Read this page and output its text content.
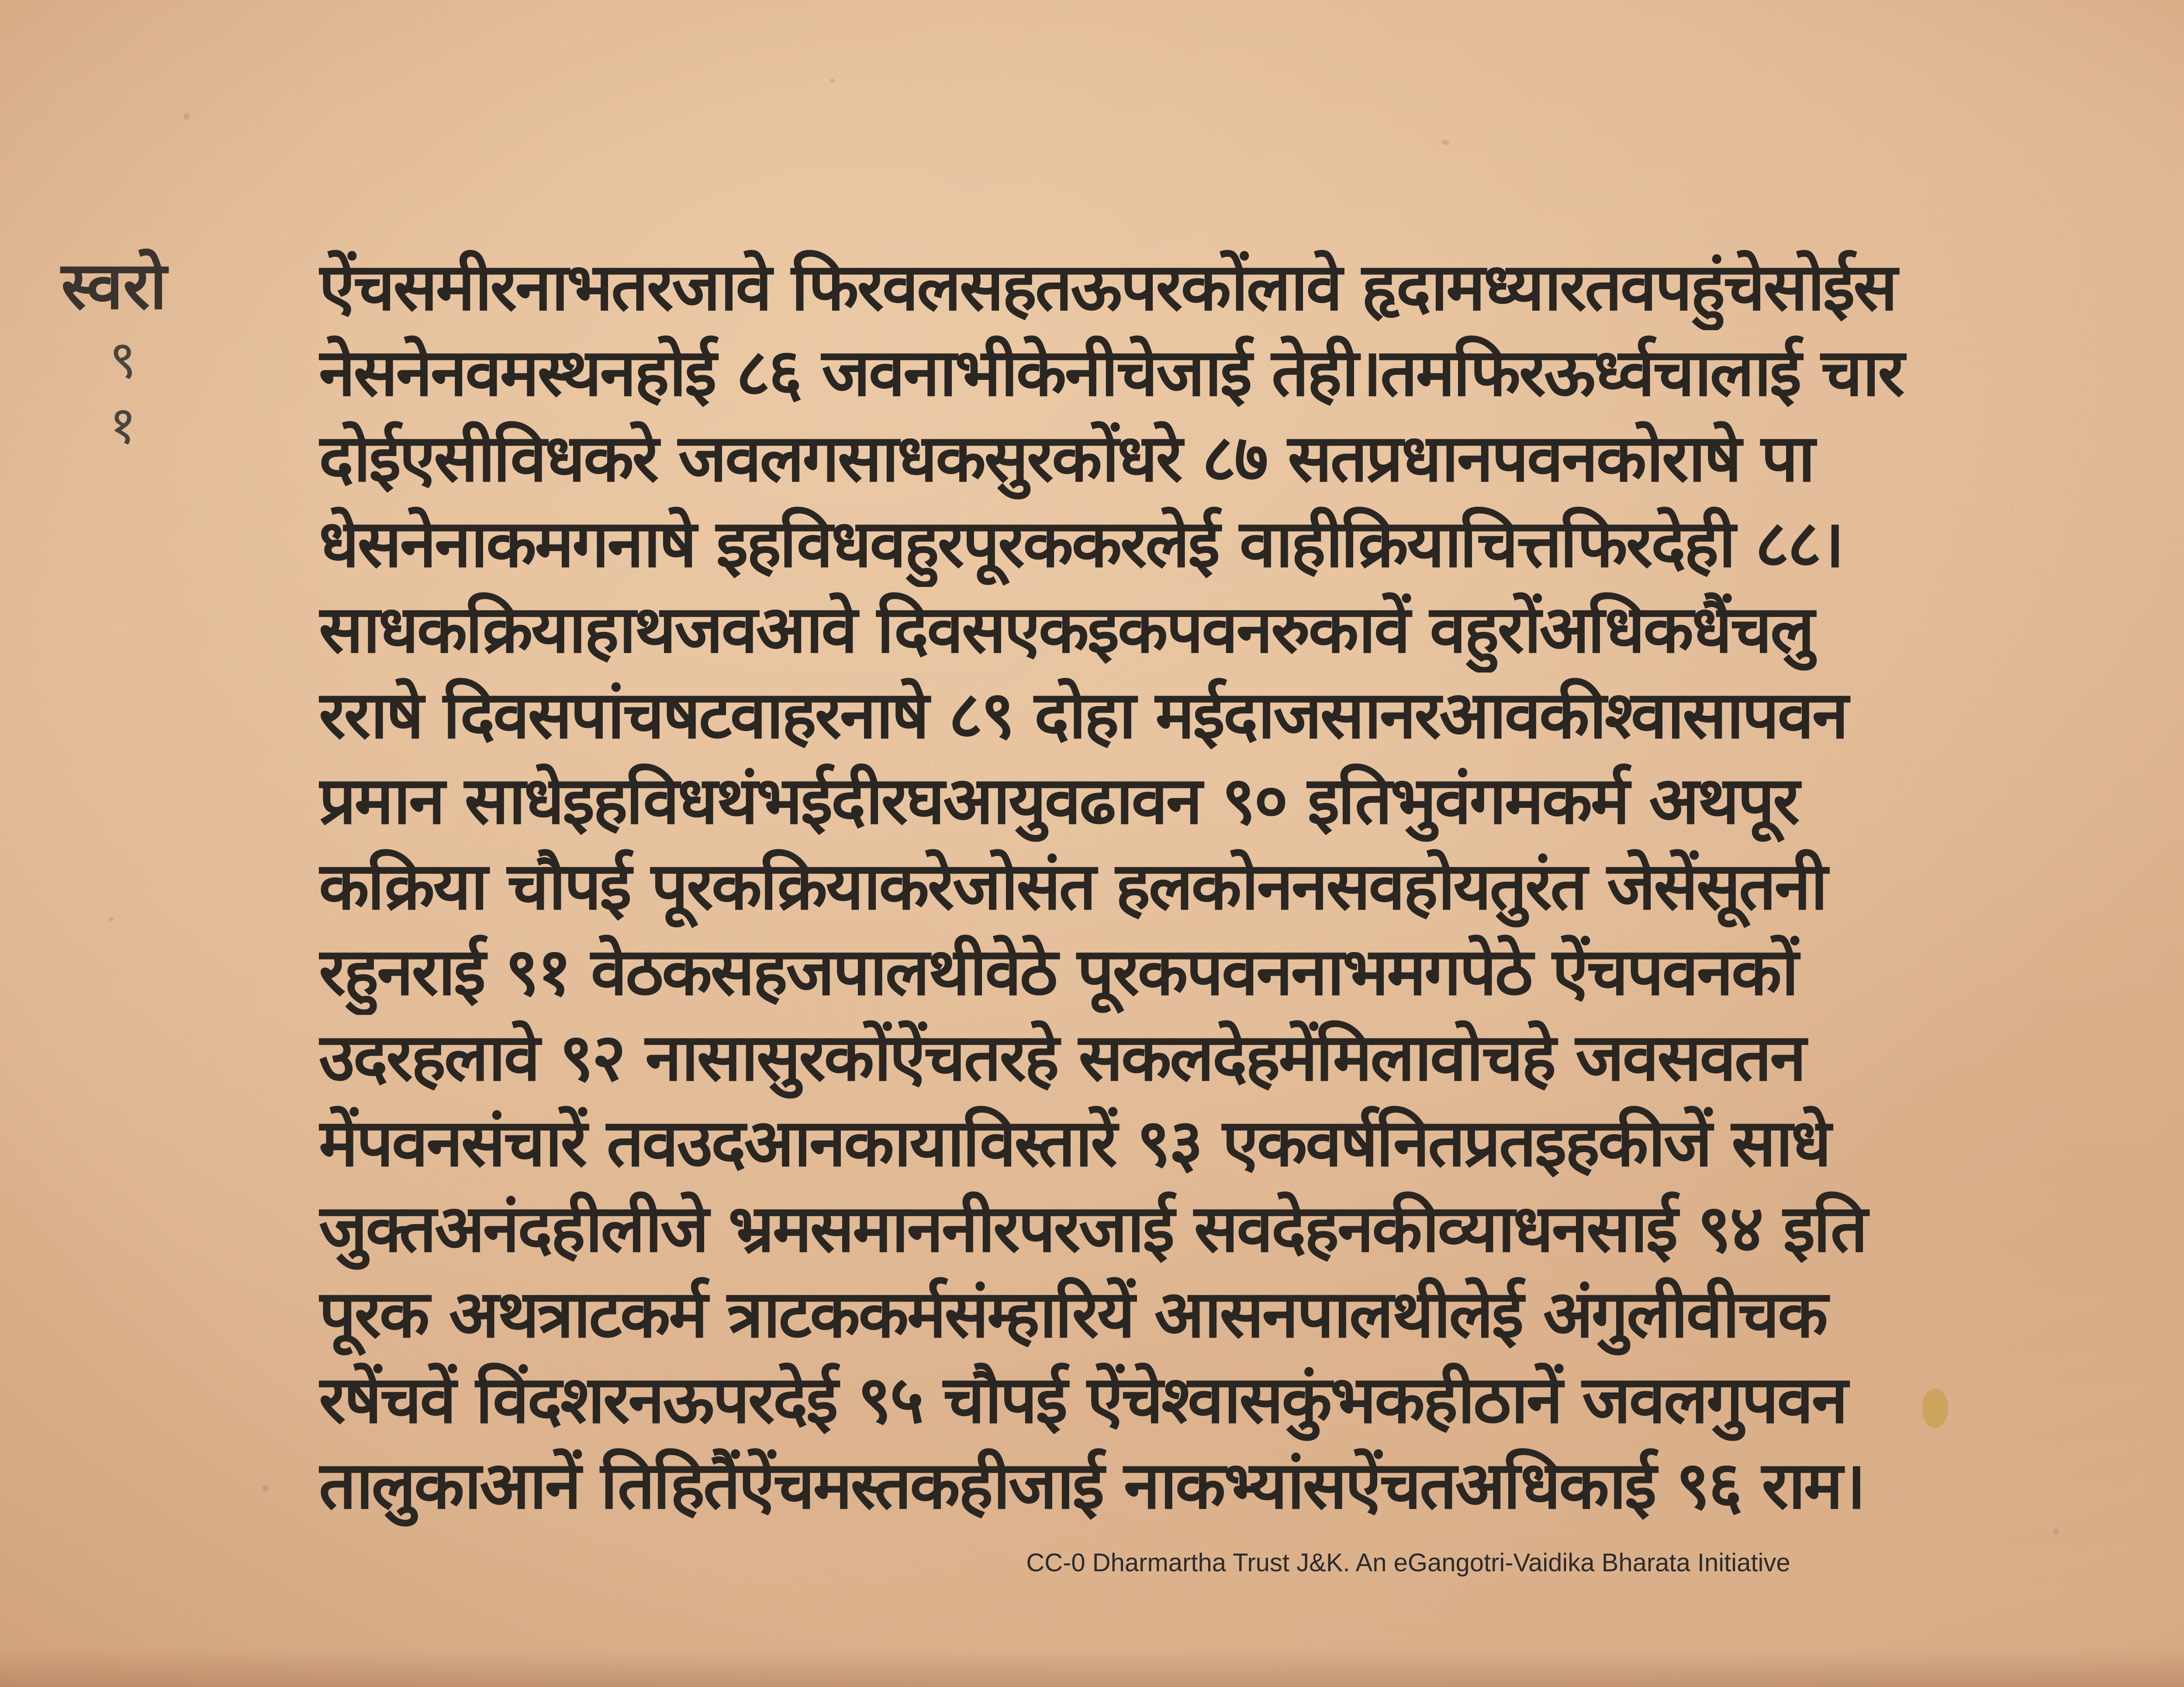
स्वरो
९
१
ऐंचसमीरनाभतरजावे फिरवलसहतऊपरकोंलावे हृदामध्यारतवपहुंचेसोईस
नेसनेनवमस्थनहोई ८६ जवनाभीकेनीचेजाई तेही।तमफिरऊर्ध्वचालाई चार
दोईएसीविधकरे जवलगसाधकसुरकोंधरे ८७ सतप्रधानपवनकोराषे पा
धेसनेनाकमगनाषे इहविधवहुरपूरककरलेई वाहीक्रियाचित्तफिरदेही ८८।
साधकक्रियाहाथजवआवे दिवसएकइकपवनरुकावें वहुरोंअधिकधैंचलु
रराषे दिवसपांचषटवाहरनाषे ८९ दोहा मईदाजसानरआवकीश्वासापवन
प्रमान साधेइहविधथंभईदीरघआयुवढावन ९० इतिभुवंगमकर्म अथपूर
कक्रिया चौपई पूरकक्रियाकरेजोसंत हलकोननसवहोयतुरंत जेसेंसूतनी
रहुनराई ९१ वेठकसहजपालथीवेठे पूरकपवननाभमगपेठे ऐंचपवनकों
उदरहलावे ९२ नासासुरकोंऐंचतरहे सकलदेहमेंमिलावोचहे जवसवतन
मेंपवनसंचारें तवउदआनकायाविस्तारें ९३ एकवर्षनितप्रतइहकीजें साधे
जुक्तअनंदहीलीजे भ्रमसमाननीरपरजाई सवदेहनकीव्याधनसाई ९४ इति
पूरक अथत्राटकर्म त्राटककर्मसंम्हारियें आसनपालथीलेई अंगुलीवीचक
रषेंचवें विंदशरनऊपरदेई ९५ चौपई ऐंचेश्वासकुंभकहीठानें जवलगुपवन
तालुकाआनें तिहितैंऐंचमस्तकहीजाई नाकभ्यांसऐंचतअधिकाई ९६ राम।
CC-0 Dharmartha Trust J&K. An eGangotri-Vaidika Bharata Initiative
